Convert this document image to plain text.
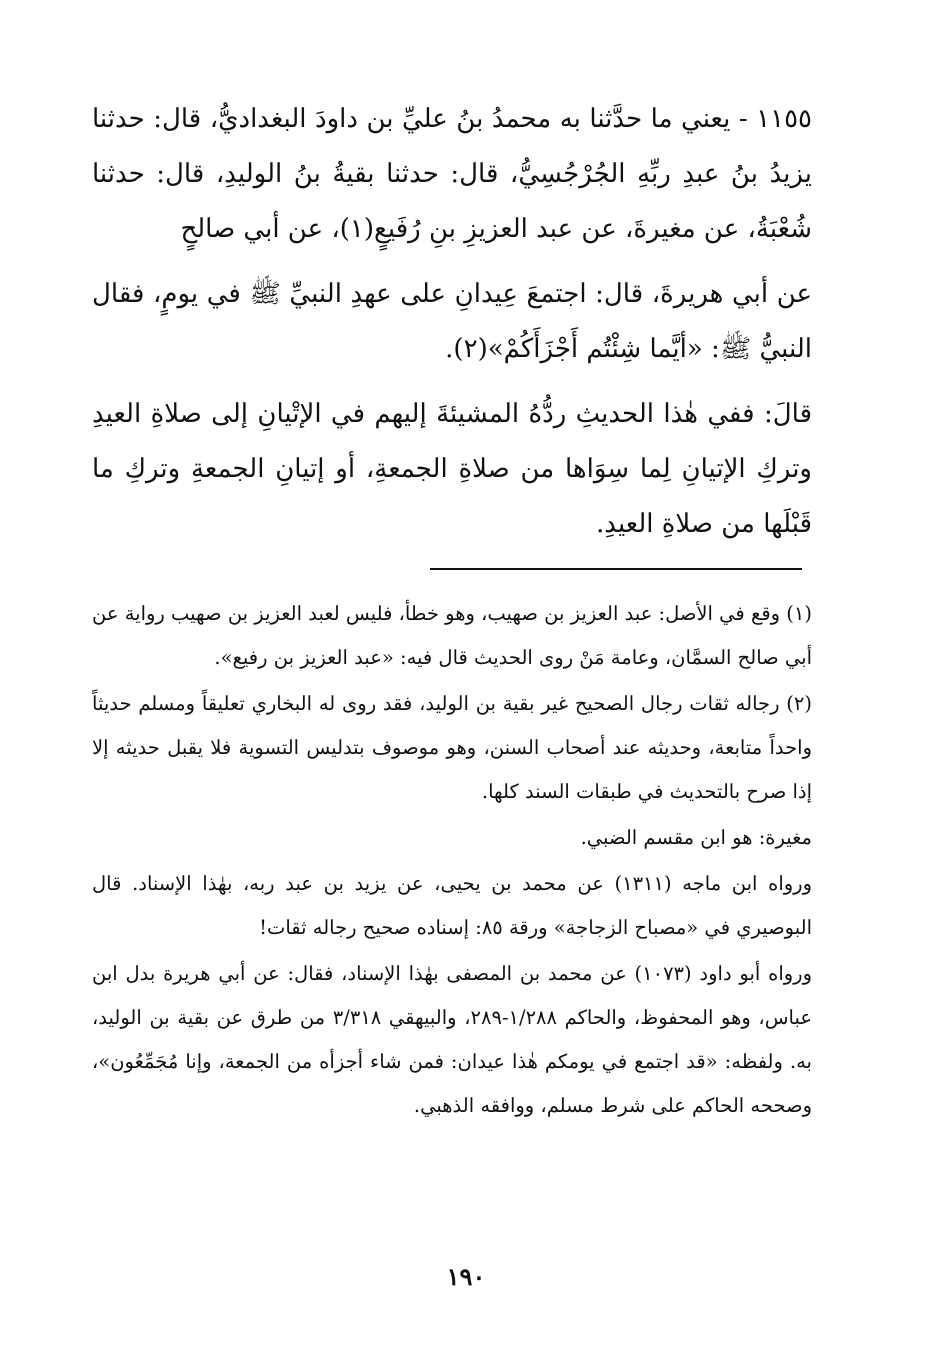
١١٥٥ - يعني ما حدَّثنا به محمدُ بنُ عليِّ بن داودَ البغداديُّ، قال: حدثنا يزيدُ بنُ عبدِ ربِّهِ الجُرْجُسِيُّ، قال: حدثنا بقيةُ بنُ الوليدِ، قال: حدثنا شُعْبَةُ، عن مغيرةَ، عن عبد العزيزِ بنِ رُفَيعٍ(١)، عن أبي صالحٍ

عن أبي هريرةَ، قال: اجتمعَ عِيدانِ على عهدِ النبيِّ ﷺ في يومٍ، فقال النبيُّ ﷺ: «أيَّما شِئْتُم أَجْزَأَكُمْ»(٢).

قالَ: ففي هٰذا الحديثِ ردُّهُ المشيئةَ إليهم في الإتْيانِ إلى صلاةِ العيدِ وتركِ الإتيانِ لِما سِوَاها من صلاةِ الجمعةِ، أو إتيانِ الجمعةِ وتركِ ما قَبْلَها من صلاةِ العيدِ.

(١) وقع في الأصل: عبد العزيز بن صهيب، وهو خطأ، فليس لعبد العزيز بن صهيب رواية عن أبي صالح السمَّان، وعامة مَنْ روى الحديث قال فيه: «عبد العزيز بن رفيع».

(٢) رجاله ثقات رجال الصحيح غير بقية بن الوليد، فقد روى له البخاري تعليقاً ومسلم حديثاً واحداً متابعة، وحديثه عند أصحاب السنن، وهو موصوف بتدليس التسوية فلا يقبل حديثه إلا إذا صرح بالتحديث في طبقات السند كلها.

مغيرة: هو ابن مقسم الضبي.

ورواه ابن ماجه (١٣١١) عن محمد بن يحيى، عن يزيد بن عبد ربه، بهٰذا الإسناد. قال البوصيري في «مصباح الزجاجة» ورقة ٨٥: إسناده صحيح رجاله ثقات!

ورواه أبو داود (١٠٧٣) عن محمد بن المصفى بهٰذا الإسناد، فقال: عن أبي هريرة بدل ابن عباس، وهو المحفوظ، والحاكم ١/٢٨٨-٢٨٩، والبيهقي ٣/٣١٨ من طرق عن بقية بن الوليد، به. ولفظه: «قد اجتمع في يومكم هٰذا عيدان: فمن شاء أجزأه من الجمعة، وإنا مُجَمِّعُون»، وصححه الحاكم على شرط مسلم، ووافقه الذهبي.

١٩٠
